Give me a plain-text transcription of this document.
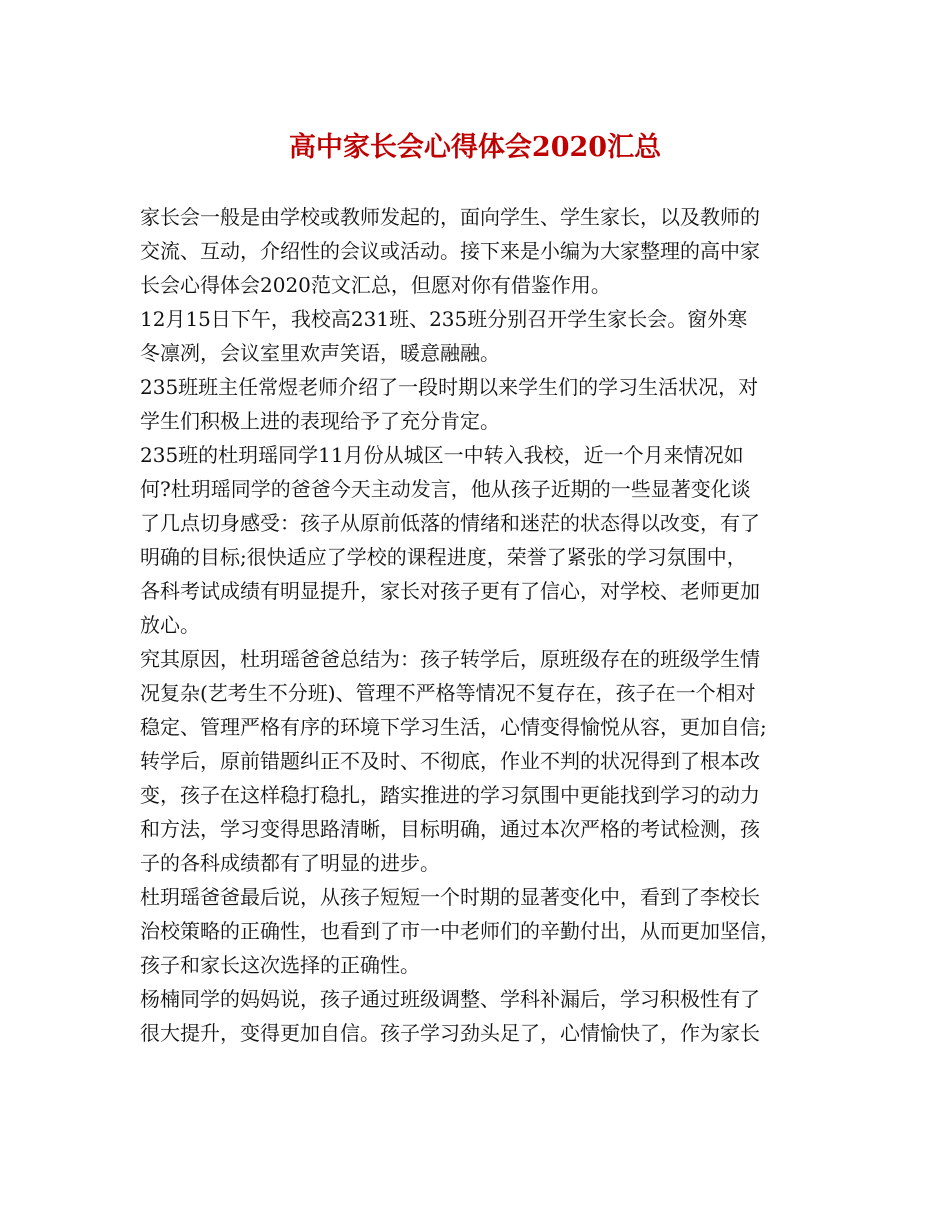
高中家长会心得体会2020汇总
家长会一般是由学校或教师发起的，面向学生、学生家长，以及教师的
交流、互动，介绍性的会议或活动。接下来是小编为大家整理的高中家
长会心得体会2020范文汇总，但愿对你有借鉴作用。
12月15日下午，我校高231班、235班分别召开学生家长会。窗外寒
冬凛冽，会议室里欢声笑语，暖意融融。
235班班主任常煜老师介绍了一段时期以来学生们的学习生活状况，对
学生们积极上进的表现给予了充分肯定。
235班的杜玥瑶同学11月份从城区一中转入我校，近一个月来情况如
何?杜玥瑶同学的爸爸今天主动发言，他从孩子近期的一些显著变化谈
了几点切身感受：孩子从原前低落的情绪和迷茫的状态得以改变，有了
明确的目标;很快适应了学校的课程进度，荣誉了紧张的学习氛围中，
各科考试成绩有明显提升，家长对孩子更有了信心，对学校、老师更加
放心。
究其原因，杜玥瑶爸爸总结为：孩子转学后，原班级存在的班级学生情
况复杂(艺考生不分班)、管理不严格等情况不复存在，孩子在一个相对
稳定、管理严格有序的环境下学习生活，心情变得愉悦从容，更加自信;
转学后，原前错题纠正不及时、不彻底，作业不判的状况得到了根本改
变，孩子在这样稳打稳扎，踏实推进的学习氛围中更能找到学习的动力
和方法，学习变得思路清晰，目标明确，通过本次严格的考试检测，孩
子的各科成绩都有了明显的进步。
杜玥瑶爸爸最后说，从孩子短短一个时期的显著变化中，看到了李校长
治校策略的正确性，也看到了市一中老师们的辛勤付出，从而更加坚信，
孩子和家长这次选择的正确性。
杨楠同学的妈妈说，孩子通过班级调整、学科补漏后，学习积极性有了
很大提升，变得更加自信。孩子学习劲头足了，心情愉快了，作为家长
